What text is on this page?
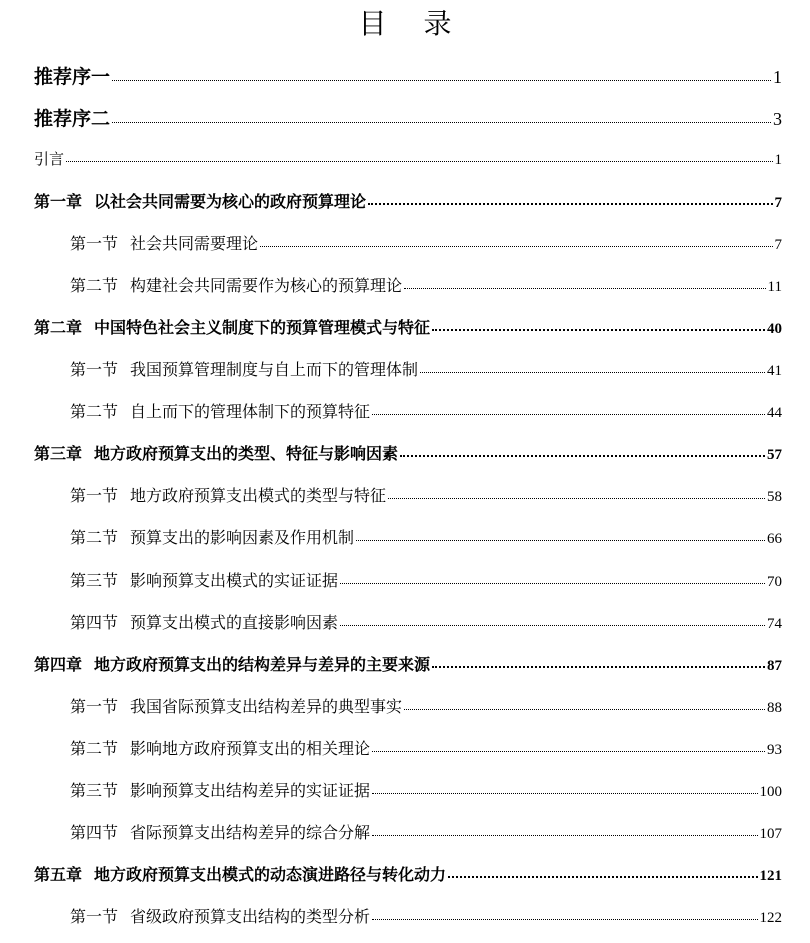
目 录
推荐序一	1
推荐序二	3
引言	1
第一章 以社会共同需要为核心的政府预算理论	7
第一节 社会共同需要理论	7
第二节 构建社会共同需要作为核心的预算理论	11
第二章 中国特色社会主义制度下的预算管理模式与特征	40
第一节 我国预算管理制度与自上而下的管理体制	41
第二节 自上而下的管理体制下的预算特征	44
第三章 地方政府预算支出的类型、特征与影响因素	57
第一节 地方政府预算支出模式的类型与特征	58
第二节 预算支出的影响因素及作用机制	66
第三节 影响预算支出模式的实证证据	70
第四节 预算支出模式的直接影响因素	74
第四章 地方政府预算支出的结构差异与差异的主要来源	87
第一节 我国省际预算支出结构差异的典型事实	88
第二节 影响地方政府预算支出的相关理论	93
第三节 影响预算支出结构差异的实证证据	100
第四节 省际预算支出结构差异的综合分解	107
第五章 地方政府预算支出模式的动态演进路径与转化动力	121
第一节 省级政府预算支出结构的类型分析	122
